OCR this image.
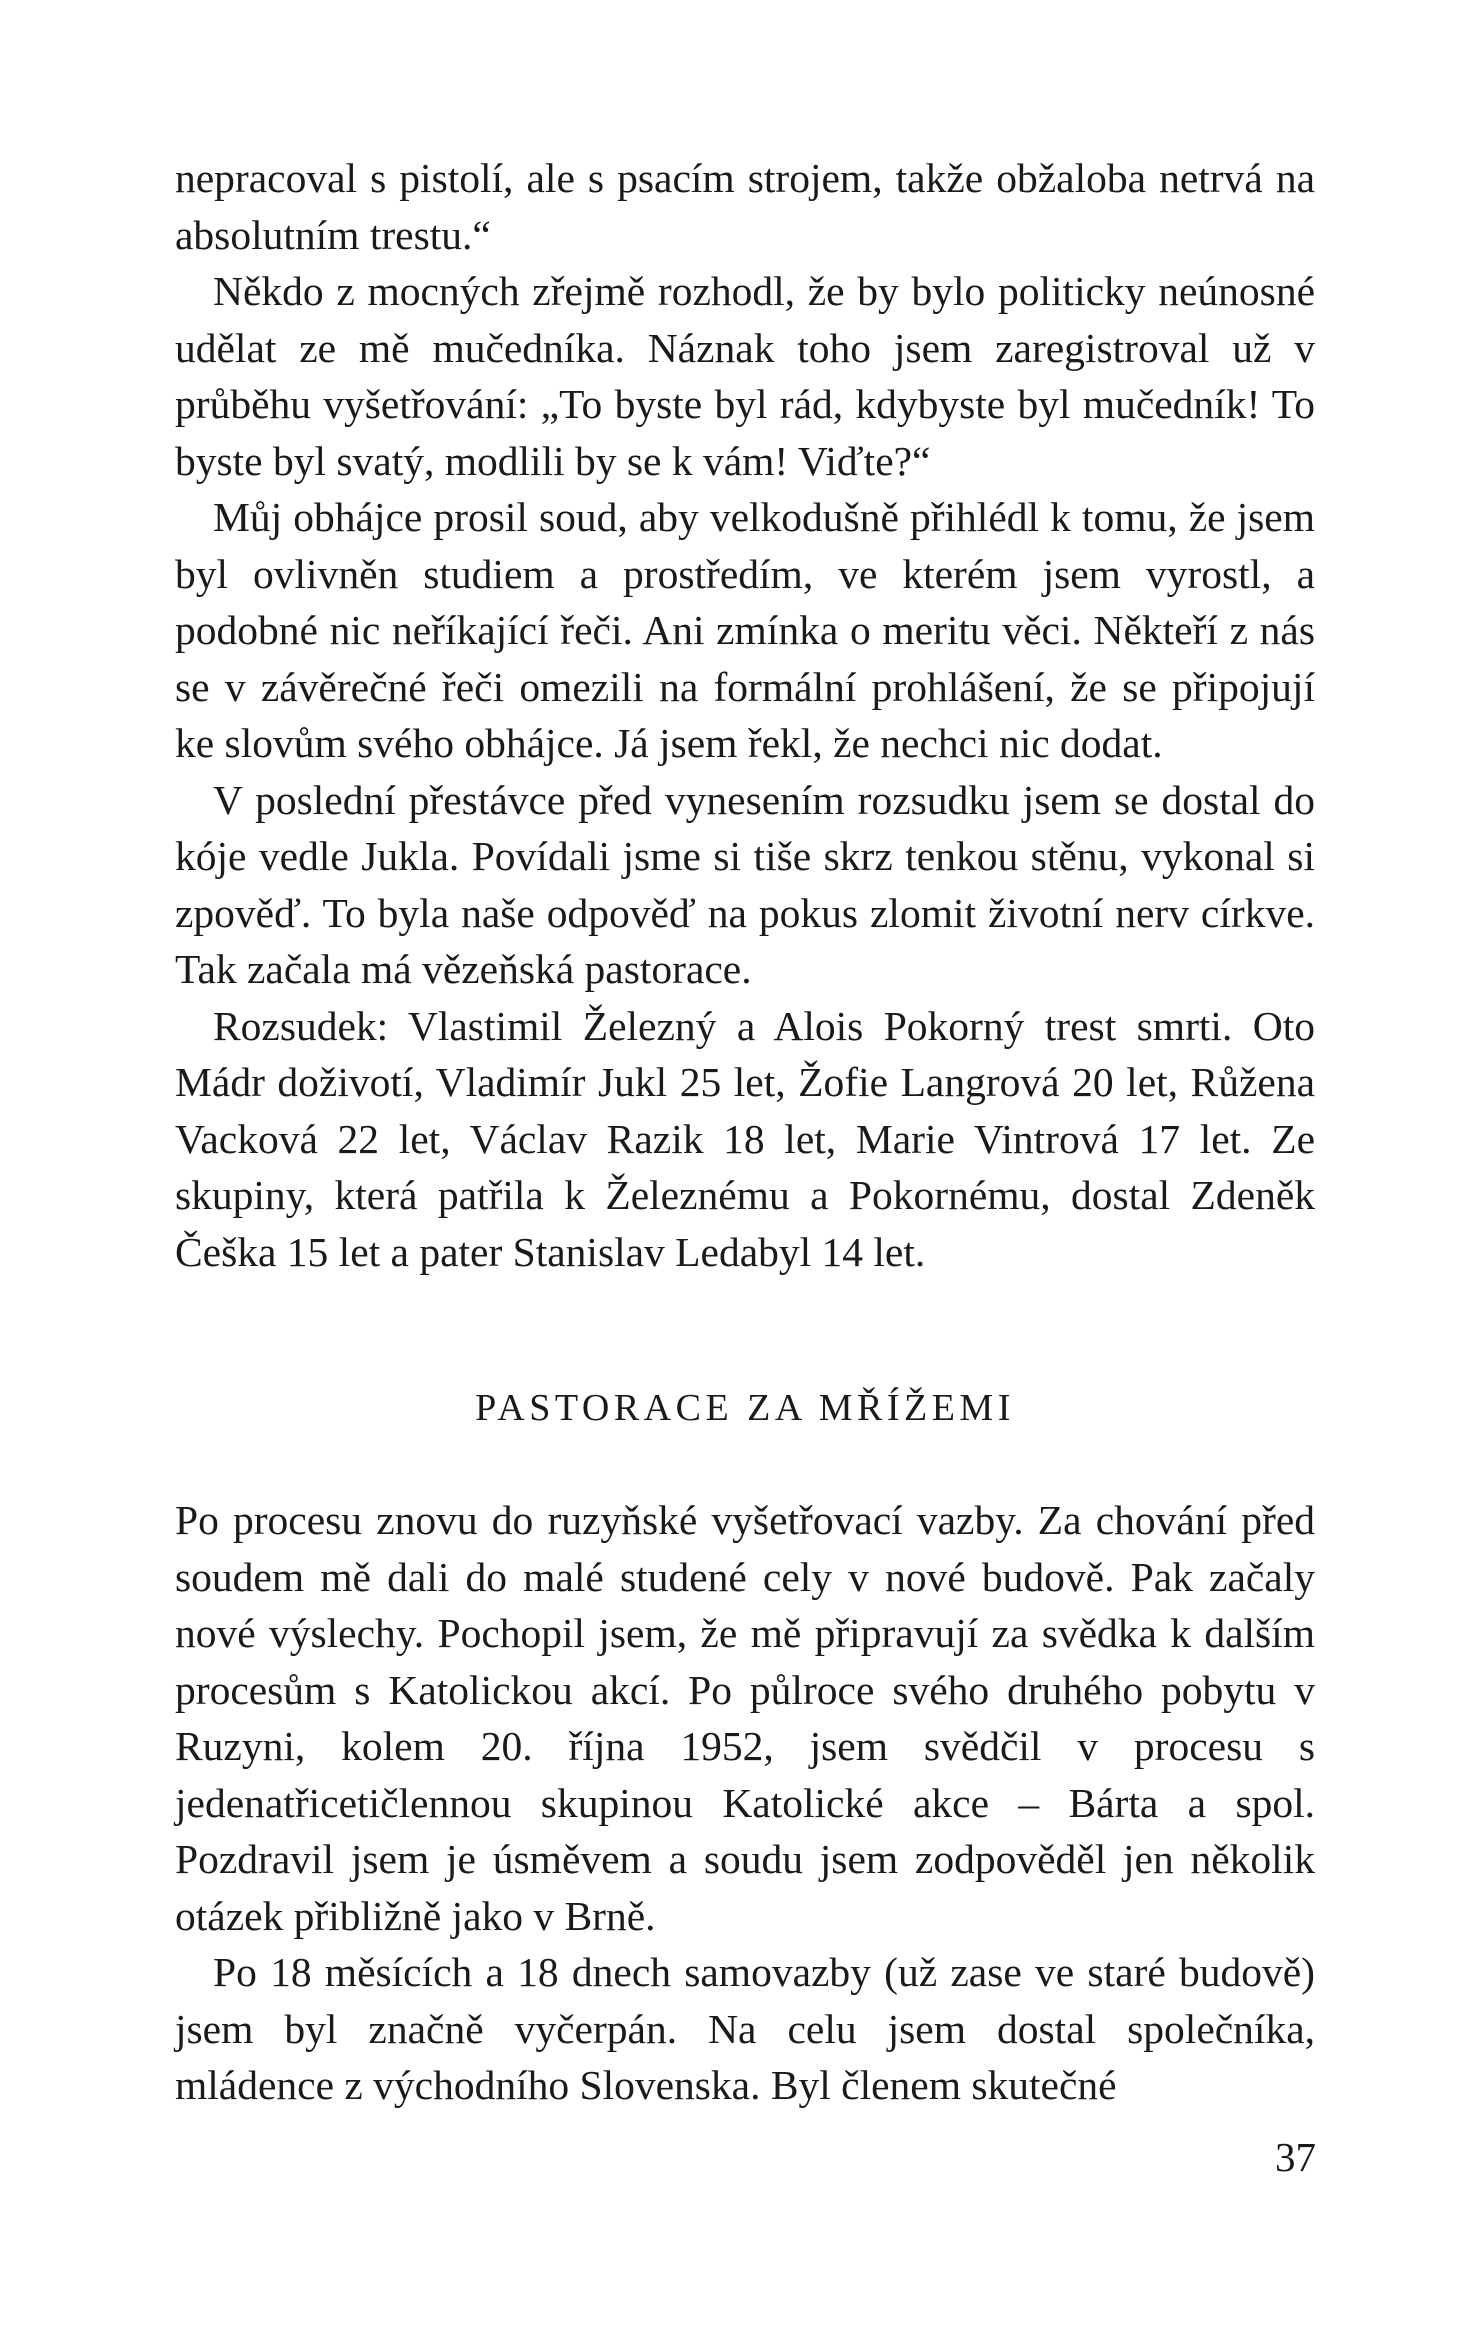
nepracoval s pistolí, ale s psacím strojem, takže obžaloba netrvá na absolutním trestu.“

Někdo z mocných zřejmě rozhodl, že by bylo politicky neúnosné udělat ze mě mučedníka. Náznak toho jsem zaregistroval už v průběhu vyšetřování: „To byste byl rád, kdybyste byl mučedník! To byste byl svatý, modlili by se k vám! Viďte?“

Můj obhájce prosil soud, aby velkodušně přihlédl k tomu, že jsem byl ovlivněn studiem a prostředím, ve kterém jsem vyrostl, a podobné nic neříkající řeči. Ani zmínka o meritu věci. Někteří z nás se v závěrečné řeči omezili na formální prohlášení, že se připojují ke slovům svého obhájce. Já jsem řekl, že nechci nic dodat.

V poslední přestávce před vynesením rozsudku jsem se dostal do kóje vedle Jukla. Povídali jsme si tiše skrz tenkou stěnu, vykonal si zpověď. To byla naše odpověď na pokus zlomit životní nerv církve. Tak začala má vězeňská pastorace.

Rozsudek: Vlastimil Železný a Alois Pokorný trest smrti. Oto Mádr doživotí, Vladimír Jukl 25 let, Žofie Langrová 20 let, Růžena Vacková 22 let, Václav Razik 18 let, Marie Vintrová 17 let. Ze skupiny, která patřila k Železnému a Pokornému, dostal Zdeněk Češka 15 let a pater Stanislav Ledabyl 14 let.

PASTORACE ZA MŘÍŽEMI

Po procesu znovu do ruzyňské vyšetřovací vazby. Za chování před soudem mě dali do malé studené cely v nové budově. Pak začaly nové výslechy. Pochopil jsem, že mě připravují za svědka k dalším procesům s Katolickou akcí. Po půlroce svého druhého pobytu v Ruzyni, kolem 20. října 1952, jsem svědčil v procesu s jedenatřicetičlennou skupinou Katolické akce – Bárta a spol. Pozdravil jsem je úsměvem a soudu jsem zodpověděl jen několik otázek přibližně jako v Brně.

Po 18 měsících a 18 dnech samovazby (už zase ve staré budově) jsem byl značně vyčerpán. Na celu jsem dostal společníka, mládence z východního Slovenska. Byl členem skutečné

37
